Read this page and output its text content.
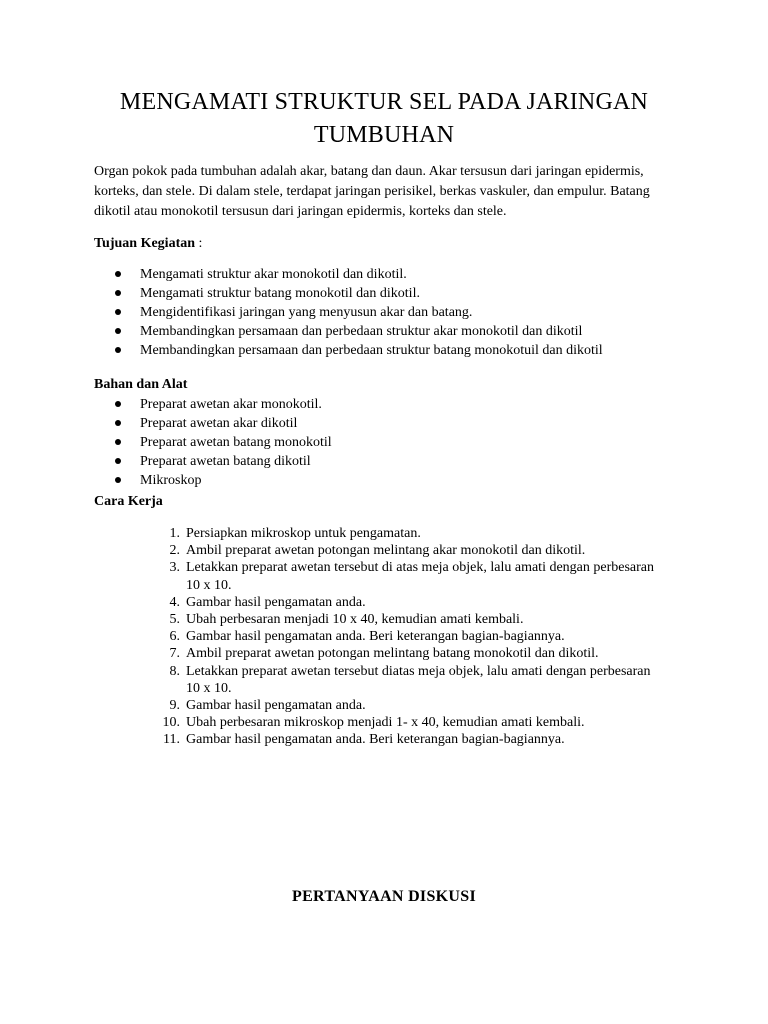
MENGAMATI STRUKTUR SEL PADA JARINGAN TUMBUHAN
Organ pokok pada tumbuhan adalah akar, batang dan daun. Akar tersusun dari jaringan epidermis, korteks, dan stele. Di dalam stele, terdapat jaringan perisikel, berkas vaskuler, dan empulur. Batang dikotil atau monokotil tersusun dari jaringan epidermis, korteks dan stele.
Tujuan Kegiatan :
Mengamati struktur akar monokotil dan dikotil.
Mengamati struktur batang monokotil dan dikotil.
Mengidentifikasi jaringan yang menyusun akar dan batang.
Membandingkan persamaan dan perbedaan struktur akar monokotil dan dikotil
Membandingkan persamaan dan perbedaan struktur batang monokotuil dan dikotil
Bahan dan Alat
Preparat awetan akar monokotil.
Preparat awetan akar dikotil
Preparat awetan batang monokotil
Preparat awetan batang dikotil
Mikroskop
Cara Kerja
1. Persiapkan mikroskop untuk pengamatan.
2. Ambil preparat awetan potongan melintang akar monokotil dan dikotil.
3. Letakkan preparat awetan tersebut di atas meja objek, lalu amati dengan perbesaran 10 x 10.
4. Gambar hasil pengamatan anda.
5. Ubah perbesaran menjadi 10 x 40, kemudian amati kembali.
6. Gambar hasil pengamatan anda. Beri keterangan bagian-bagiannya.
7. Ambil preparat awetan potongan melintang batang monokotil dan dikotil.
8. Letakkan preparat awetan tersebut diatas meja objek, lalu amati dengan perbesaran 10 x 10.
9. Gambar hasil pengamatan anda.
10. Ubah perbesaran mikroskop menjadi 1- x 40, kemudian amati kembali.
11. Gambar hasil pengamatan anda. Beri keterangan bagian-bagiannya.
PERTANYAAN DISKUSI
